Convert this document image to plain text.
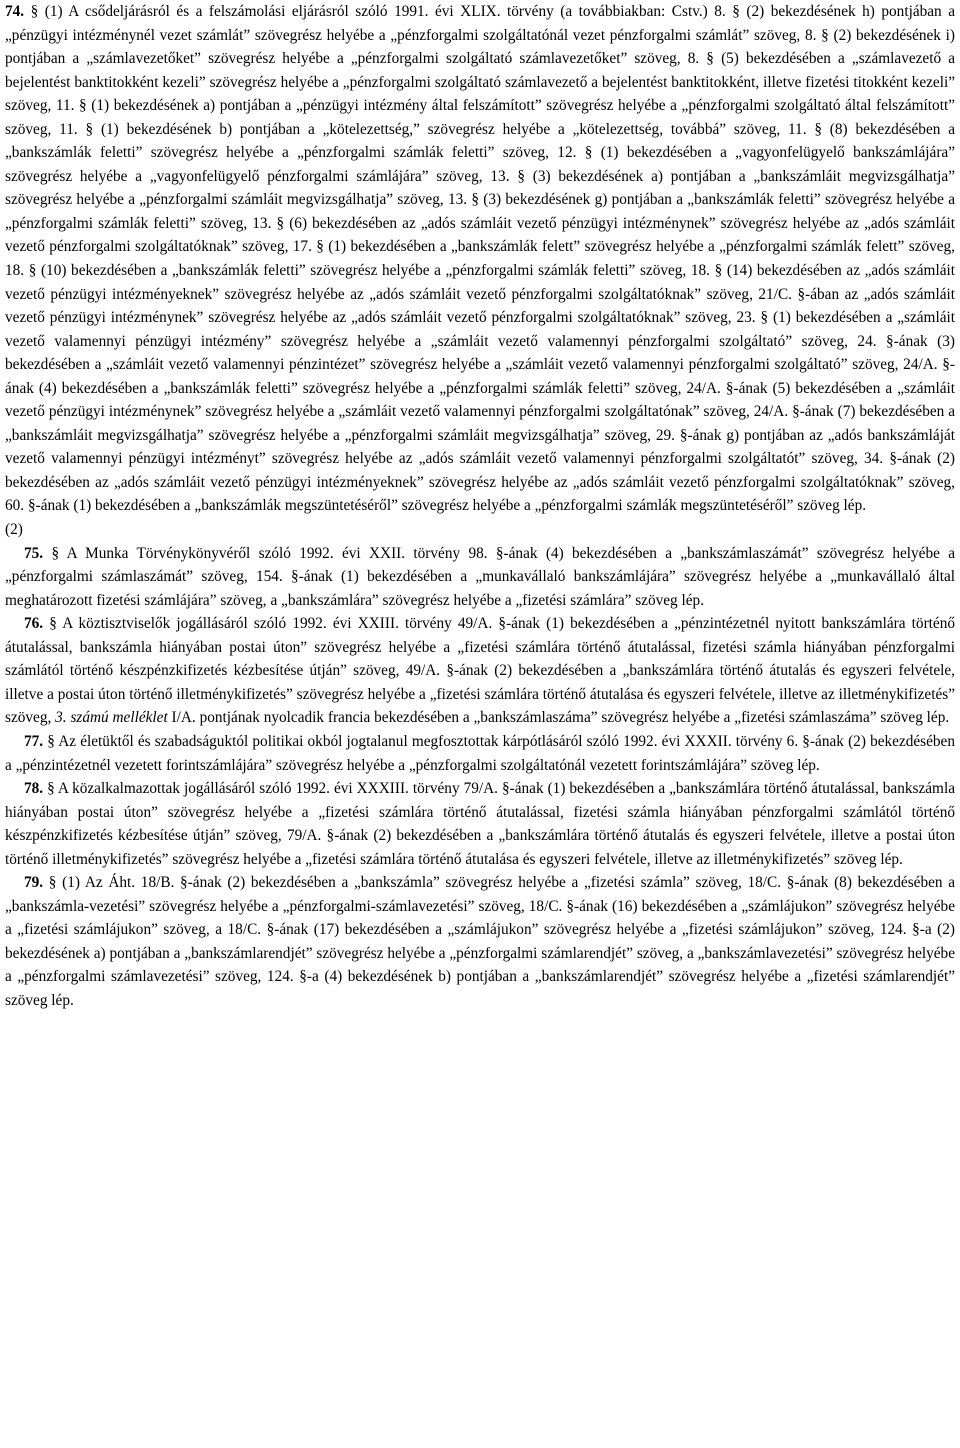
74. § (1) A csődeljárásról és a felszámolási eljárásról szóló 1991. évi XLIX. törvény (a továbbiakban: Cstv.) 8. § (2) bekezdésének h) pontjában a „pénzügyi intézménynél vezet számlát” szövegrész helyébe a „pénzforgalmi szolgáltatónál vezet pénzforgalmi számlát” szöveg, 8. § (2) bekezdésének i) pontjában a „számlavezetőket” szövegrész helyébe a „pénzforgalmi szolgáltató számlavezetőket” szöveg, 8. § (5) bekezdésében a „számlavezető a bejelentést banktitokként kezeli” szövegrész helyébe a „pénzforgalmi szolgáltató számlavezető a bejelentést banktitokként, illetve fizetési titokként kezeli” szöveg, 11. § (1) bekezdésének a) pontjában a „pénzügyi intézmény által felszámított” szövegrész helyébe a „pénzforgalmi szolgáltató által felszámított” szöveg, 11. § (1) bekezdésének b) pontjában a „kötelezettség,” szövegrész helyébe a „kötelezettség, továbbá” szöveg, 11. § (8) bekezdésében a „bankszámlák feletti” szövegrész helyébe a „pénzforgalmi számlák feletti” szöveg, 12. § (1) bekezdésében a „vagyonfelügyelő bankszámlájára” szövegrész helyébe a „vagyonfelügyelő pénzforgalmi számlájára” szöveg, 13. § (3) bekezdésének a) pontjában a „bankszámláit megvizsgálhatja” szövegrész helyébe a „pénzforgalmi számláit megvizsgálhatja” szöveg, 13. § (3) bekezdésének g) pontjában a „bankszámlák feletti” szövegrész helyébe a „pénzforgalmi számlák feletti” szöveg, 13. § (6) bekezdésében az „adós számláit vezető pénzügyi intézménynek” szövegrész helyébe az „adós számláit vezető pénzforgalmi szolgáltatóknak” szöveg, 17. § (1) bekezdésében a „bankszámlák felett” szövegrész helyébe a „pénzforgalmi számlák felett” szöveg, 18. § (10) bekezdésében a „bankszámlák feletti” szövegrész helyébe a „pénzforgalmi számlák feletti” szöveg, 18. § (14) bekezdésében az „adós számláit vezető pénzügyi intézményeknek” szövegrész helyébe az „adós számláit vezető pénzforgalmi szolgáltatóknak” szöveg, 21/C. §-ában az „adós számláit vezető pénzügyi intézménynek” szövegrész helyébe az „adós számláit vezető pénzforgalmi szolgáltatóknak” szöveg, 23. § (1) bekezdésében a „számláit vezető valamennyi pénzügyi intézmény” szövegrész helyébe a „számláit vezető valamennyi pénzforgalmi szolgáltató” szöveg, 24. §-ának (3) bekezdésében a „számláit vezető valamennyi pénzintézet” szövegrész helyébe a „számláit vezető valamennyi pénzforgalmi szolgáltató” szöveg, 24/A. §-ának (4) bekezdésében a „bankszámlák feletti” szövegrész helyébe a „pénzforgalmi számlák feletti” szöveg, 24/A. §-ának (5) bekezdésében a „számláit vezető pénzügyi intézménynek” szövegrész helyébe a „számláit vezető valamennyi pénzforgalmi szolgáltatónak” szöveg, 24/A. §-ának (7) bekezdésében a „bankszámláit megvizsgálhatja” szövegrész helyébe a „pénzforgalmi számláit megvizsgálhatja” szöveg, 29. §-ának g) pontjában az „adós bankszámláját vezető valamennyi pénzügyi intézményt” szövegrész helyébe az „adós számláit vezető valamennyi pénzforgalmi szolgáltatót” szöveg, 34. §-ának (2) bekezdésében az „adós számláit vezető pénzügyi intézményeknek” szövegrész helyébe az „adós számláit vezető pénzforgalmi szolgáltatóknak” szöveg, 60. §-ának (1) bekezdésében a „bankszámlák megszüntetéséről” szövegrész helyébe a „pénzforgalmi számlák megszüntetéséről” szöveg lép.

(2)

75. § A Munka Törvénykönyvéről szóló 1992. évi XXII. törvény 98. §-ának (4) bekezdésében a „bankszámlaszámát” szövegrész helyébe a „pénzforgalmi számlaszámát” szöveg, 154. §-ának (1) bekezdésében a „munkavállaló bankszámlájára” szövegrész helyébe a „munkavállaló által meghatározott fizetési számlájára” szöveg, a „bankszámlára” szövegrész helyébe a „fizetési számlára” szöveg lép.

76. § A köztisztviselők jogállásáról szóló 1992. évi XXIII. törvény 49/A. §-ának (1) bekezdésében a „pénzintézetnél nyitott bankszámlára történő átutalással, bankszámla hiányában postai úton” szövegrész helyébe a „fizetési számlára történő átutalással, fizetési számla hiányában pénzforgalmi számlától történő készpénzkifizetés kézbesítése útján” szöveg, 49/A. §-ának (2) bekezdésében a „bankszámlára történő átutalás és egyszeri felvétele, illetve a postai úton történő illetménykifizetés” szövegrész helyébe a „fizetési számlára történő átutalása és egyszeri felvétele, illetve az illetménykifizetés” szöveg, 3. számú melléklet I/A. pontjának nyolcadik francia bekezdésében a „bankszámlaszáma” szövegrész helyébe a „fizetési számlaszáma” szöveg lép.

77. § Az életüktől és szabadságuktól politikai okból jogtalanul megfosztottak kárpótlásáról szóló 1992. évi XXXII. törvény 6. §-ának (2) bekezdésében a „pénzintézetnél vezetett forintszámlájára” szövegrész helyébe a „pénzforgalmi szolgáltatónál vezetett forintszámlájára” szöveg lép.

78. § A közalkalmazottak jogállásáról szóló 1992. évi XXXIII. törvény 79/A. §-ának (1) bekezdésében a „bankszámlára történő átutalással, bankszámla hiányában postai úton” szövegrész helyébe a „fizetési számlára történő átutalással, fizetési számla hiányában pénzforgalmi számlától történő készpénzkifizetés kézbesítése útján” szöveg, 79/A. §-ának (2) bekezdésében a „bankszámlára történő átutalás és egyszeri felvétele, illetve a postai úton történő illetménykifizetés” szövegrész helyébe a „fizetési számlára történő átutalása és egyszeri felvétele, illetve az illetménykifizetés” szöveg lép.

79. § (1) Az Áht. 18/B. §-ának (2) bekezdésében a „bankszámla” szövegrész helyébe a „fizetési számla” szöveg, 18/C. §-ának (8) bekezdésében a „bankszámla-vezetési” szövegrész helyébe a „pénzforgalmi-számlavezetési” szöveg, 18/C. §-ának (16) bekezdésében a „számlájukon” szövegrész helyébe a „fizetési számlájukon” szöveg, a 18/C. §-ának (17) bekezdésében a „számlájukon” szövegrész helyébe a „fizetési számlájukon” szöveg, 124. §-a (2) bekezdésének a) pontjában a „bankszámlarendjét” szövegrész helyébe a „pénzforgalmi számlarendjét” szöveg, a „bankszámlavezetési” szövegrész helyébe a „pénzforgalmi számlavezetési” szöveg, 124. §-a (4) bekezdésének b) pontjában a „bankszámlarendjét” szövegrész helyébe a „fizetési számlarendjét” szöveg lép.
